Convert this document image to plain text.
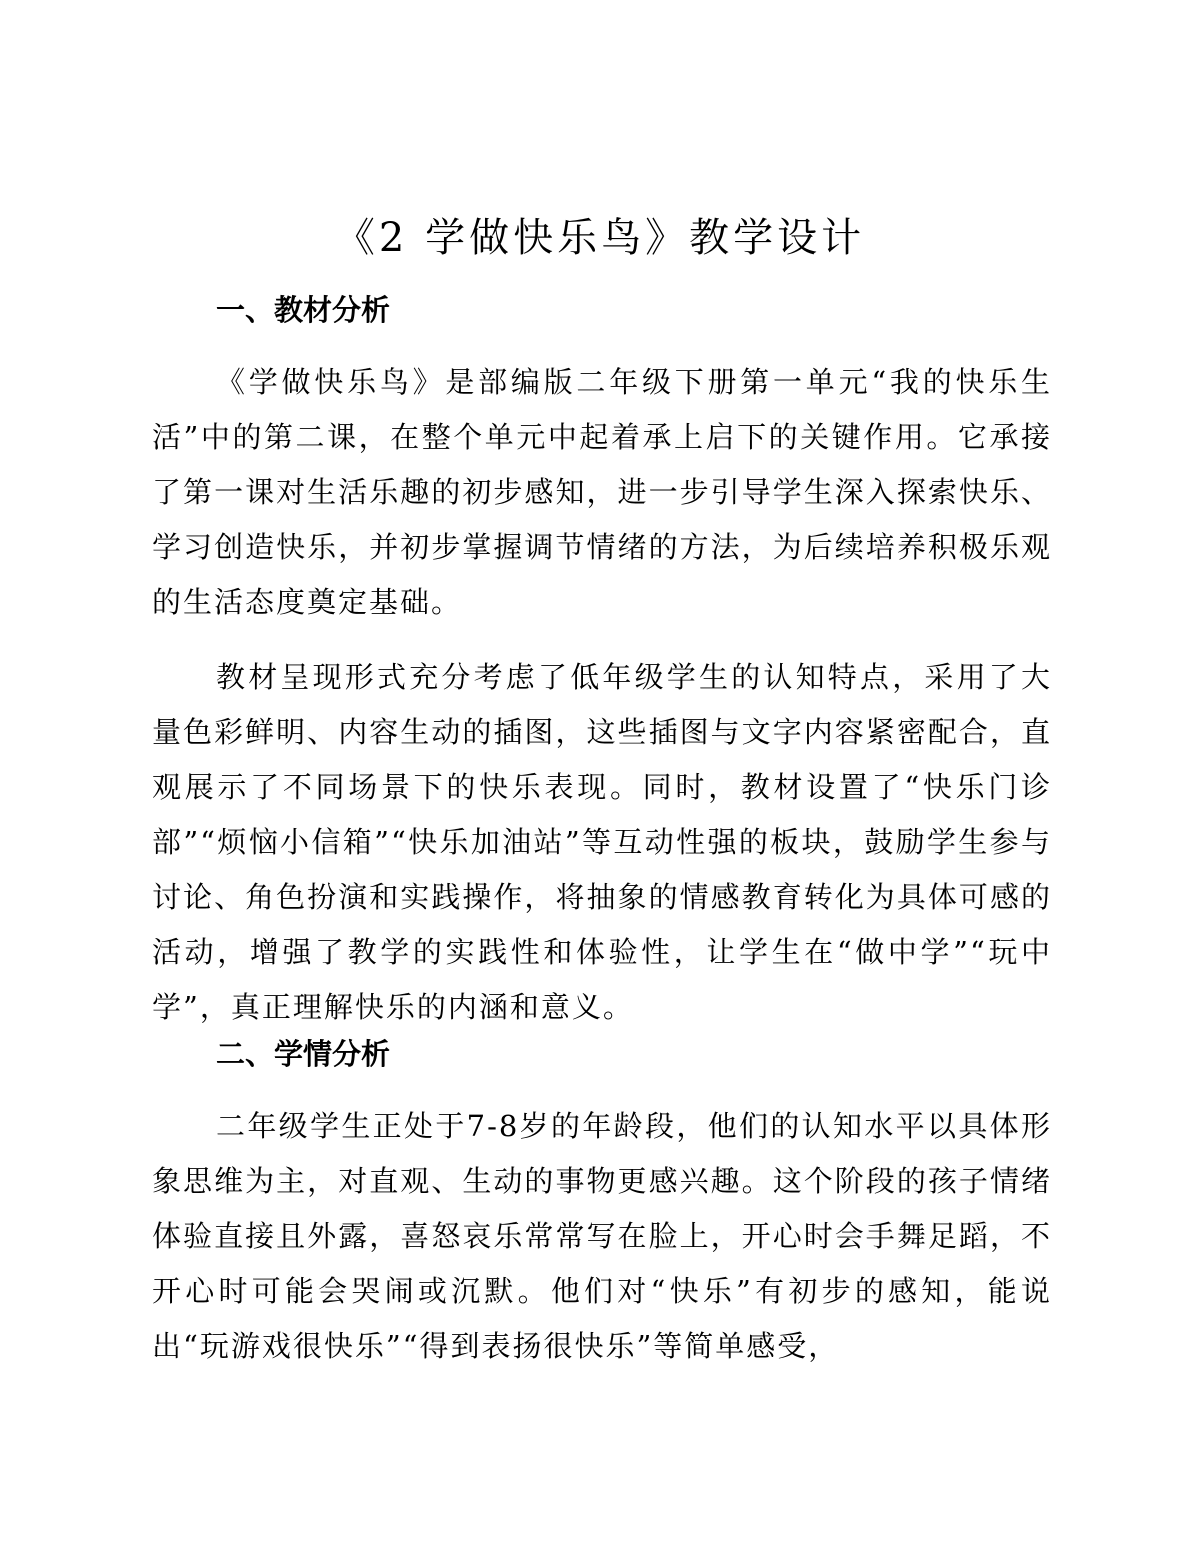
《2 学做快乐鸟》教学设计
一、教材分析

《学做快乐鸟》是部编版二年级下册第一单元“我的快乐生活”中的第二课，在整个单元中起着承上启下的关键作用。它承接了第一课对生活乐趣的初步感知，进一步引导学生深入探索快乐、学习创造快乐，并初步掌握调节情绪的方法，为后续培养积极乐观的生活态度奠定基础。

教材呈现形式充分考虑了低年级学生的认知特点，采用了大量色彩鲜明、内容生动的插图，这些插图与文字内容紧密配合，直观展示了不同场景下的快乐表现。同时，教材设置了“快乐门诊部”“烦恼小信箱”“快乐加油站”等互动性强的板块，鼓励学生参与讨论、角色扮演和实践操作，将抽象的情感教育转化为具体可感的活动，增强了教学的实践性和体验性，让学生在“做中学”“玩中学”，真正理解快乐的内涵和意义。

二、学情分析

二年级学生正处于7-8岁的年龄段，他们的认知水平以具体形象思维为主，对直观、生动的事物更感兴趣。这个阶段的孩子情绪体验直接且外露，喜怒哀乐常常写在脸上，开心时会手舞足蹈，不开心时可能会哭闹或沉默。他们对“快乐”有初步的感知，能说出“玩游戏很快乐”“得到表扬很快乐”等简单感受，
